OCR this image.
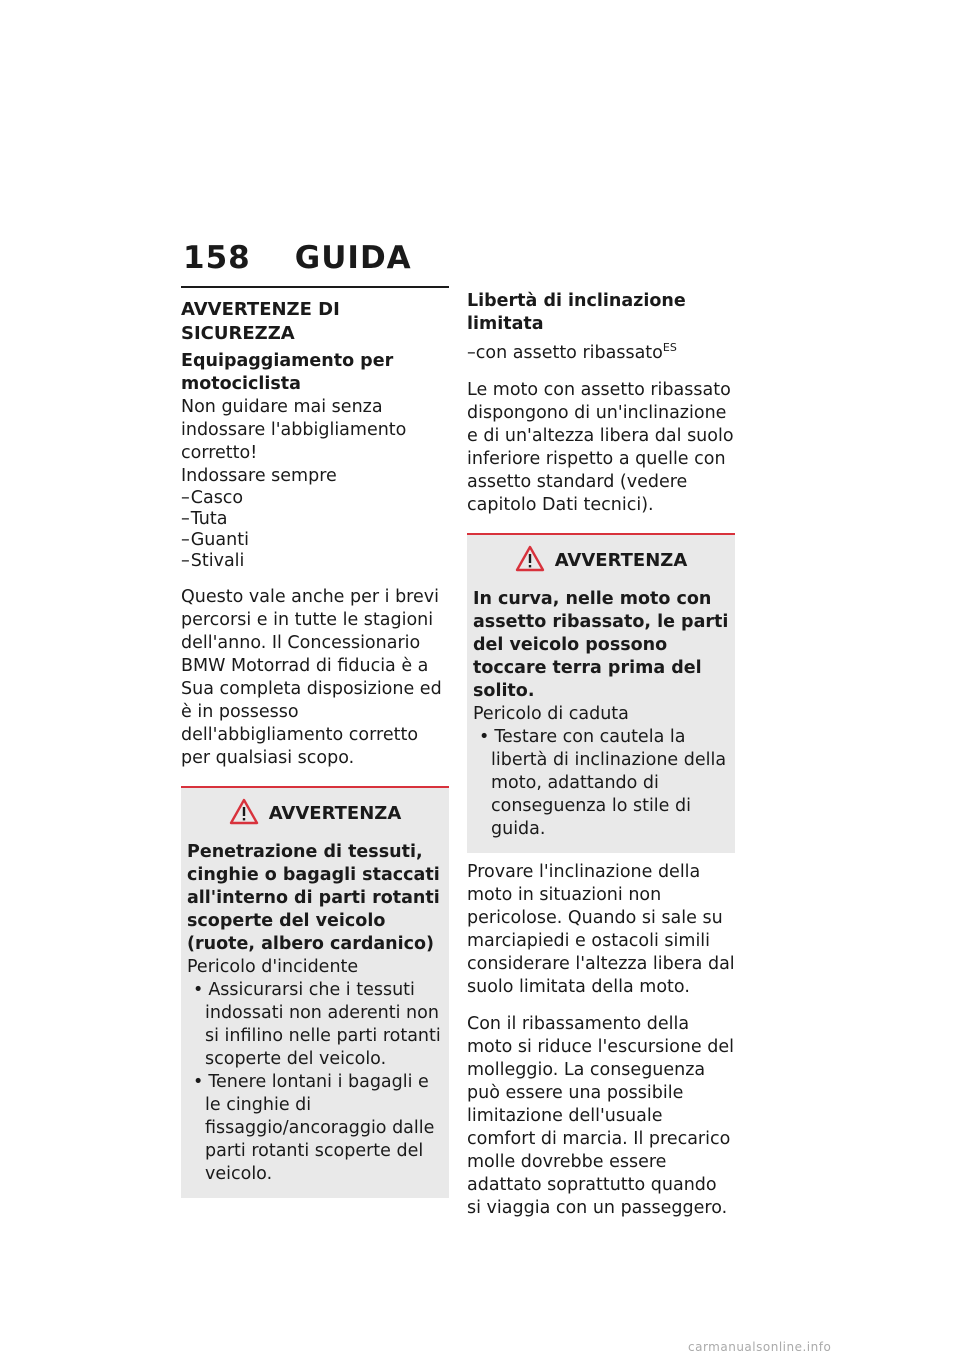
158 GUIDA
AVVERTENZE DI SICUREZZA
Equipaggiamento per motociclista

Non guidare mai senza indossare l'abbigliamento corretto!

Indossare sempre

– Casco
– Tuta
– Guanti
– Stivali

Questo vale anche per i brevi percorsi e in tutte le stagioni dell'anno. Il Concessionario BMW Motorrad di fiducia è a Sua completa disposizione ed è in possesso dell'abbigliamento corretto per qualsiasi scopo.

AVVERTENZA
Penetrazione di tessuti, cinghie o bagagli staccati all'interno di parti rotanti scoperte del veicolo (ruote, albero cardanico)

Pericolo d'incidente

• Assicurarsi che i tessuti indossati non aderenti non si infilino nelle parti rotanti scoperte del veicolo.
• Tenere lontani i bagagli e le cinghie di fissaggio/ancoraggio dalle parti rotanti scoperte del veicolo.
Libertà di inclinazione limitata

–con assetto ribassato$^{ES}$

Le moto con assetto ribassato dispongono di un'inclinazione e di un'altezza libera dal suolo inferiore rispetto a quelle con assetto standard (vedere capitolo Dati tecnici).

AVVERTENZA
In curva, nelle moto con assetto ribassato, le parti del veicolo possono toccare terra prima del solito.

Pericolo di caduta

• Testare con cautela la libertà di inclinazione della moto, adattando di conseguenza lo stile di guida.

Provare l'inclinazione della moto in situazioni non pericolose. Quando si sale su marciapiedi e ostacoli simili considerare l'altezza libera dal suolo limitata della moto.

Con il ribassamento della moto si riduce l'escursione del molleggio. La conseguenza può essere una possibile limitazione dell'usuale comfort di marcia. Il precarico molle dovrebbe essere adattato soprattutto quando si viaggia con un passeggero.

carmanualsonline.info
